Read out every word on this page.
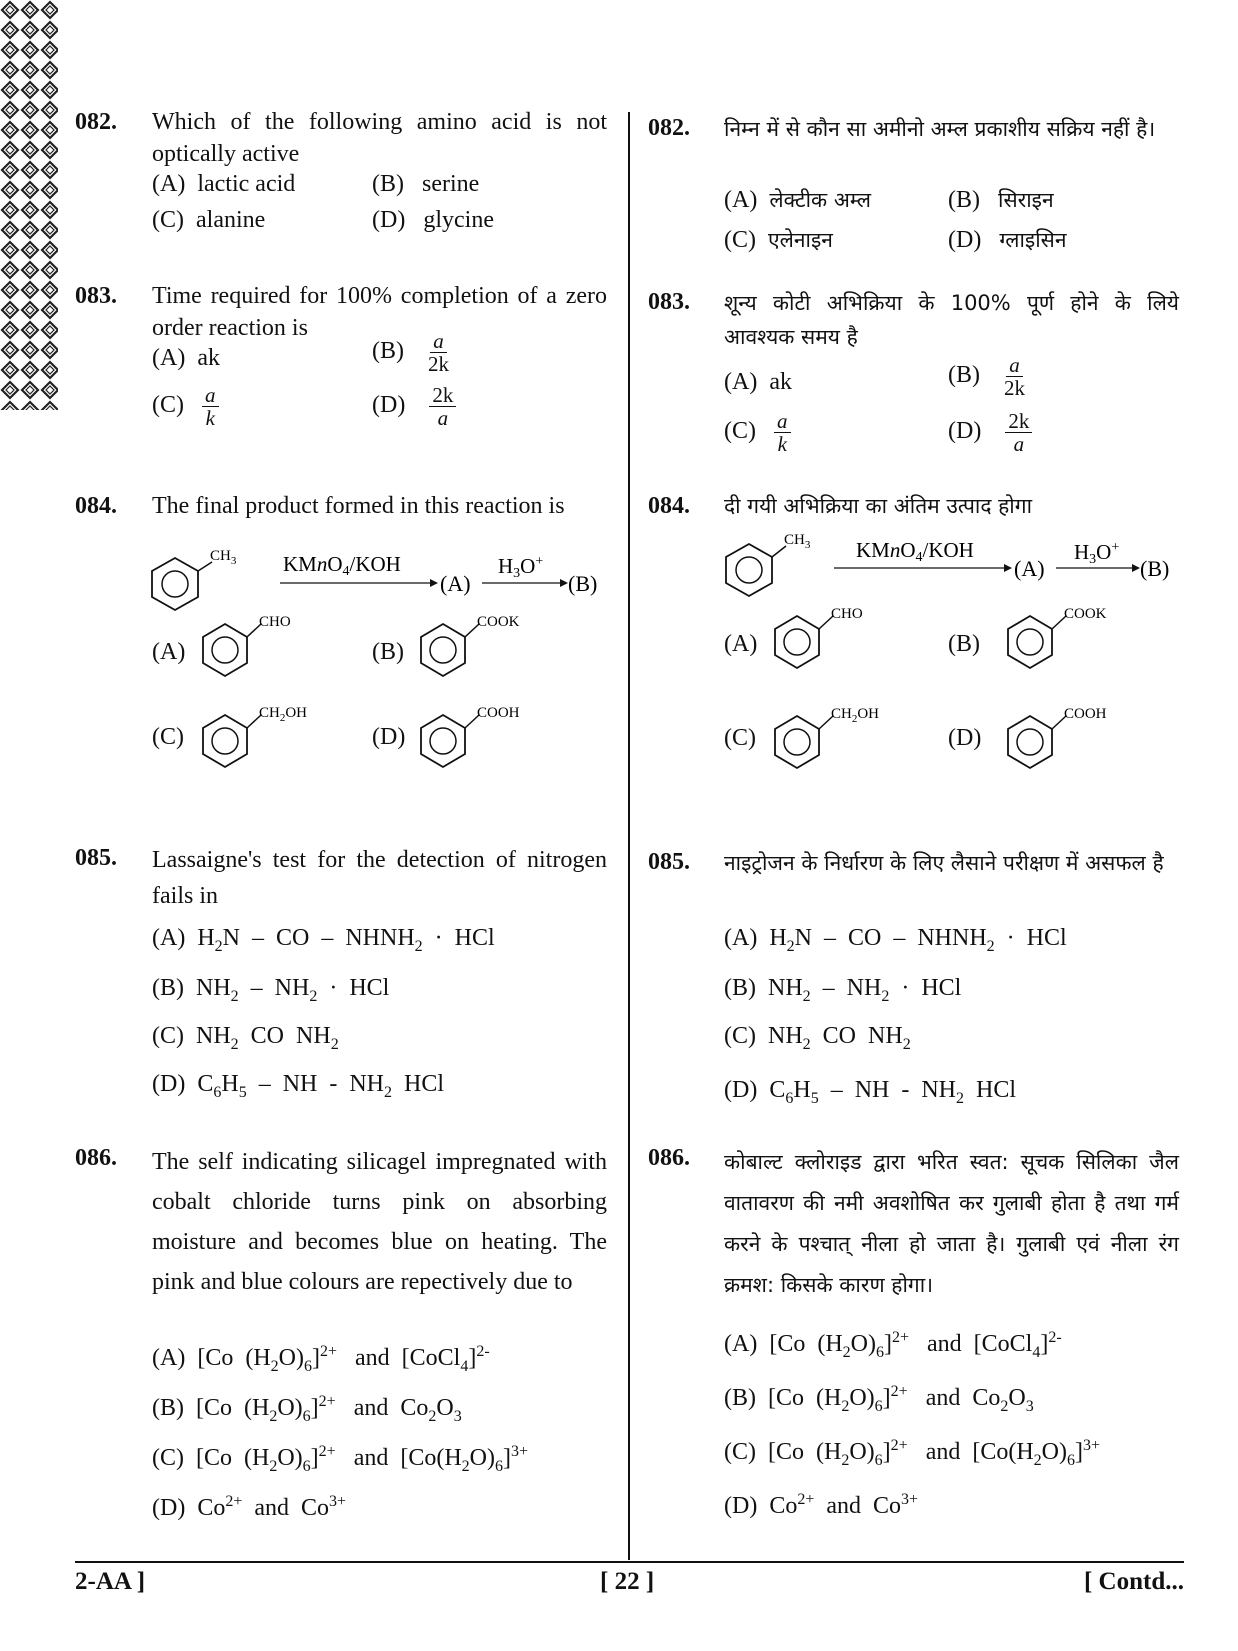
082. Which of the following amino acid is not optically active
(A) lactic acid	(B) serine
(C) alanine	(D) glycine
083. Time required for 100% completion of a zero order reaction is
(A) ak	$(B) \frac{a}{2k}$
$(C) \frac{a}{k}$	$(D) \frac{2k}{a}$
084. The final product formed in this reaction is
$CH_3$ KMnO4/KOH
(A)
H3O+
(B)
(A)	(B)
(C)	(D)
CHO	COOK
$CH_2OH$	COOH
085. Lassaigne's test for the detection of nitrogen fails in
(A)  $H_2N$  –  CO  –  $NHNH_2$  ·  HCl
(B)  $NH_2 - NH_2$  ·  HCl
(C)  $NH_2$  CO  $NH_2$
(D)  $C_6H_5$  –  NH  -  $NH_2$  HCl
086. The self indicating silicagel impregnated with cobalt chloride turns pink on absorbing moisture and becomes blue on heating. The pink and blue colours are repectively due to
(A)  [Co  $(H_2O)_6]^{2+}$   and  [CoCl$_4$]$^{2-}$
(B)  [Co  $(H_2O)_6]^{2+}$   and  $Co_2O_3$
(C)  [Co  $(H_2O)_6]^{2+}$   and  $[Co(H_2O)_6]^{3+}$
(D)  $Co^{2+}$  and  $Co^{3+}$
082. निम्न में से कौन सा अमीनो अम्ल प्रकाशीय सक्रिय नहीं है।
(A) लेक्टीक अम्ल	(B) सिराइन
(C) एलेनाइन	(D) ग्लाइसिन
083. शून्य कोटी अभिक्रिया के 100% पूर्ण होने के लिये आवश्यक समय है
(A) ak	$(B) \frac{a}{2k}$
$(C) \frac{a}{k}$	$(D) \frac{2k}{a}$
084. दी गयी अभिक्रिया का अंतिम उत्पाद होगा
$CH_3$ KMnO4/KOH
(A)
H3O+
(B)
(A)	(B)
(C)	(D)
CHO	COOK
$CH_2OH$	COOH
085. नाइट्रोजन के निर्धारण के लिए लैसाने परीक्षण में असफल है
(A)  $H_2N$  –  CO  –  $NHNH_2$  ·  HCl
(B)  $NH_2 - NH_2$  ·  HCl
(C)  $NH_2$  CO  $NH_2$
(D)  $C_6H_5$  –  NH  -  $NH_2$  HCl
086. कोबाल्ट क्लोराइड द्वारा भरित स्वत: सूचक सिलिका जैल वातावरण की नमी अवशोषित कर गुलाबी होता है तथा गर्म करने के पश्चात् नीला हो जाता है। गुलाबी एवं नीला रंग क्रमश: किसके कारण होगा।
(A)  [Co  $(H_2O)_6]^{2+}$   and  [CoCl$_4$]$^{2-}$
(B)  [Co  $(H_2O)_6]^{2+}$   and  $Co_2O_3$
(C)  [Co  $(H_2O)_6]^{2+}$   and  $[Co(H_2O)_6]^{3+}$
(D)  $Co^{2+}$  and  $Co^{3+}$
2-AA ]	[ 22 ]	[ Contd...
